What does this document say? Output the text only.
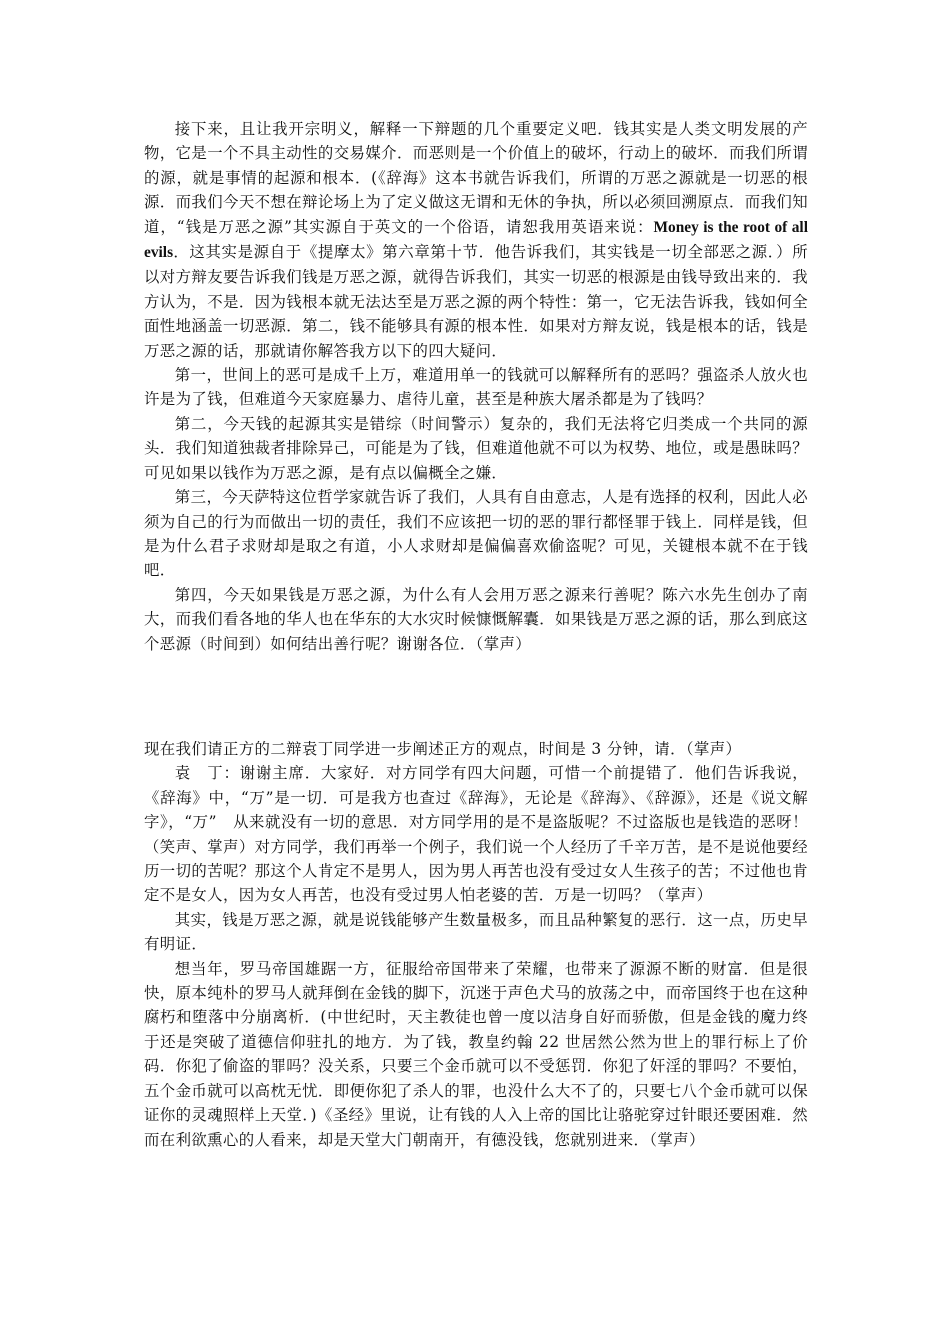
接下来，且让我开宗明义，解释一下辩题的几个重要定义吧．钱其实是人类文明发展的产物，它是一个不具主动性的交易媒介．而恶则是一个价值上的破坏，行动上的破坏．而我们所谓的源，就是事情的起源和根本．(《辞海》这本书就告诉我们，所谓的万恶之源就是一切恶的根源．而我们今天不想在辩论场上为了定义做这无谓和无休的争执，所以必须回溯原点．而我们知道，“钱是万恶之源”其实源自于英文的一个俗语，请恕我用英语来说：Money is the root of all evils．这其实是源自于《提摩太》第六章第十节．他告诉我们，其实钱是一切全部恶之源．）所以对方辩友要告诉我们钱是万恶之源，就得告诉我们，其实一切恶的根源是由钱导致出来的．我方认为，不是．因为钱根本就无法达至是万恶之源的两个特性：第一，它无法告诉我，钱如何全面性地涵盖一切恶源．第二，钱不能够具有源的根本性．如果对方辩友说，钱是根本的话，钱是万恶之源的话，那就请你解答我方以下的四大疑问．

第一，世间上的恶可是成千上万，难道用单一的钱就可以解释所有的恶吗？强盗杀人放火也许是为了钱，但难道今天家庭暴力、虐待儿童，甚至是种族大屠杀都是为了钱吗？

第二，今天钱的起源其实是错综（时间警示）复杂的，我们无法将它归类成一个共同的源头．我们知道独裁者排除异己，可能是为了钱，但难道他就不可以为权势、地位，或是愚昧吗？可见如果以钱作为万恶之源，是有点以偏概全之嫌．

第三，今天萨特这位哲学家就告诉了我们，人具有自由意志，人是有选择的权利，因此人必须为自己的行为而做出一切的责任，我们不应该把一切的恶的罪行都怪罪于钱上．同样是钱，但是为什么君子求财却是取之有道，小人求财却是偏偏喜欢偷盗呢？可见，关键根本就不在于钱吧．

第四，今天如果钱是万恶之源，为什么有人会用万恶之源来行善呢？陈六水先生创办了南大，而我们看各地的华人也在华东的大水灾时候慷慨解囊．如果钱是万恶之源的话，那么到底这个恶源（时间到）如何结出善行呢？谢谢各位．（掌声）

现在我们请正方的二辩袁丁同学进一步阐述正方的观点，时间是 3 分钟，请．（掌声）

袁　丁：谢谢主席．大家好．对方同学有四大问题，可惜一个前提错了．他们告诉我说，《辞海》中，“万”是一切．可是我方也查过《辞海》，无论是《辞海》、《辞源》，还是《说文解字》，“万”　从来就没有一切的意思．对方同学用的是不是盗版呢？不过盗版也是钱造的恶呀！（笑声、掌声）对方同学，我们再举一个例子，我们说一个人经历了千辛万苦，是不是说他要经历一切的苦呢？那这个人肯定不是男人，因为男人再苦也没有受过女人生孩子的苦；不过他也肯定不是女人，因为女人再苦，也没有受过男人怕老婆的苦．万是一切吗？（掌声）

其实，钱是万恶之源，就是说钱能够产生数量极多，而且品种繁复的恶行．这一点，历史早有明证．

想当年，罗马帝国雄踞一方，征服给帝国带来了荣耀，也带来了源源不断的财富．但是很快，原本纯朴的罗马人就拜倒在金钱的脚下，沉迷于声色犬马的放荡之中，而帝国终于也在这种腐朽和堕落中分崩离析．(中世纪时，天主教徒也曾一度以洁身自好而骄傲，但是金钱的魔力终于还是突破了道德信仰驻扎的地方．为了钱，教皇约翰 22 世居然公然为世上的罪行标上了价码．你犯了偷盗的罪吗？没关系，只要三个金币就可以不受惩罚．你犯了奸淫的罪吗？不要怕，五个金币就可以高枕无忧．即便你犯了杀人的罪，也没什么大不了的，只要七八个金币就可以保证你的灵魂照样上天堂．)《圣经》里说，让有钱的人入上帝的国比让骆驼穿过针眼还要困难．然而在利欲熏心的人看来，却是天堂大门朝南开，有德没钱，您就别进来．（掌声）
